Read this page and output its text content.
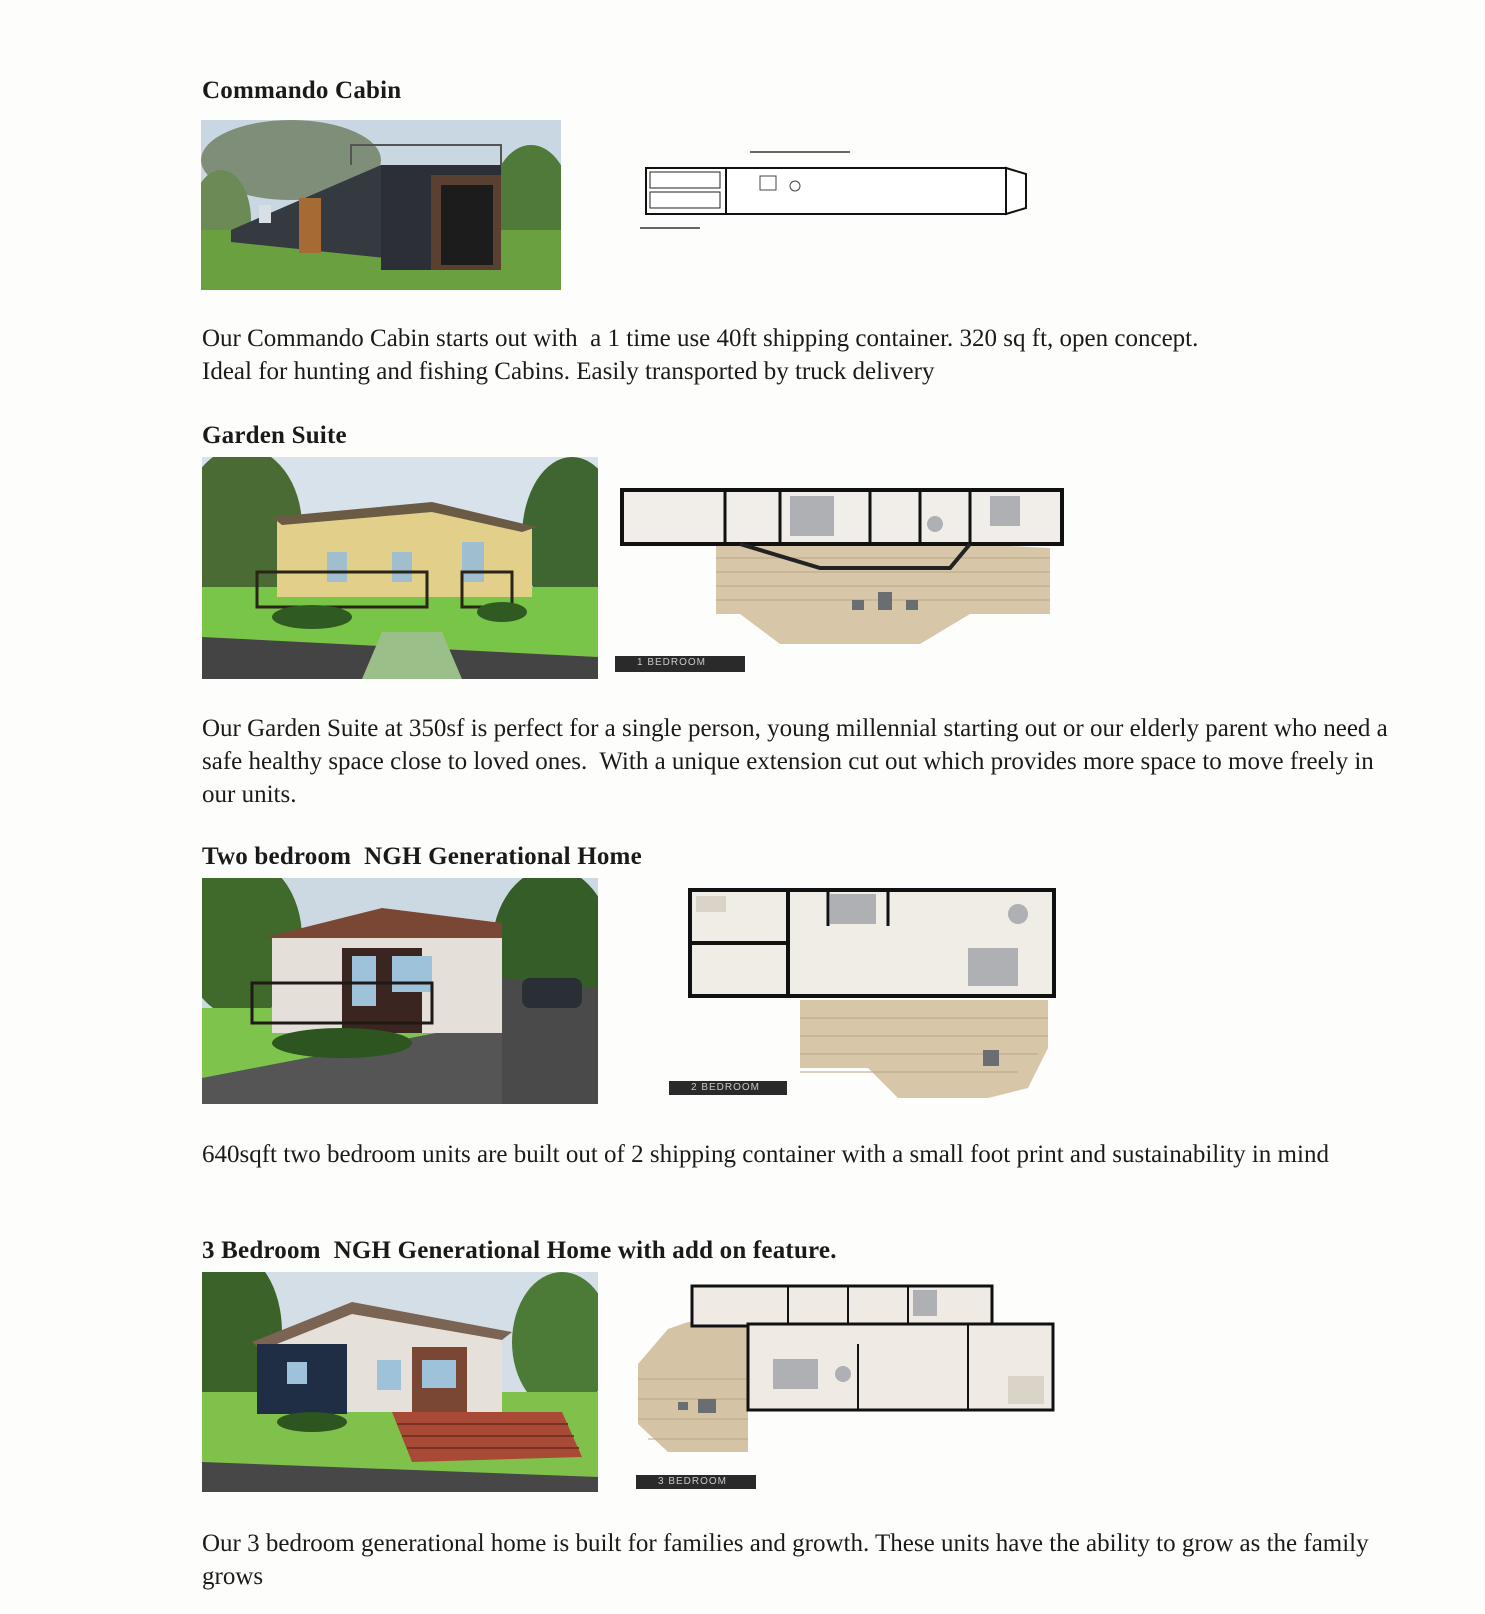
Commando Cabin
Our Commando Cabin starts out with  a 1 time use 40ft shipping container. 320 sq ft, open concept.
Ideal for hunting and fishing Cabins. Easily transported by truck delivery
Garden Suite
1 BEDROOM
Our Garden Suite at 350sf is perfect for a single person, young millennial starting out or our elderly parent who need a safe healthy space close to loved ones.  With a unique extension cut out which provides more space to move freely in our units.
Two bedroom  NGH Generational Home
2 BEDROOM
640sqft two bedroom units are built out of 2 shipping container with a small foot print and sustainability in mind
3 Bedroom  NGH Generational Home with add on feature.
3 BEDROOM
Our 3 bedroom generational home is built for families and growth. These units have the ability to grow as the family grows
